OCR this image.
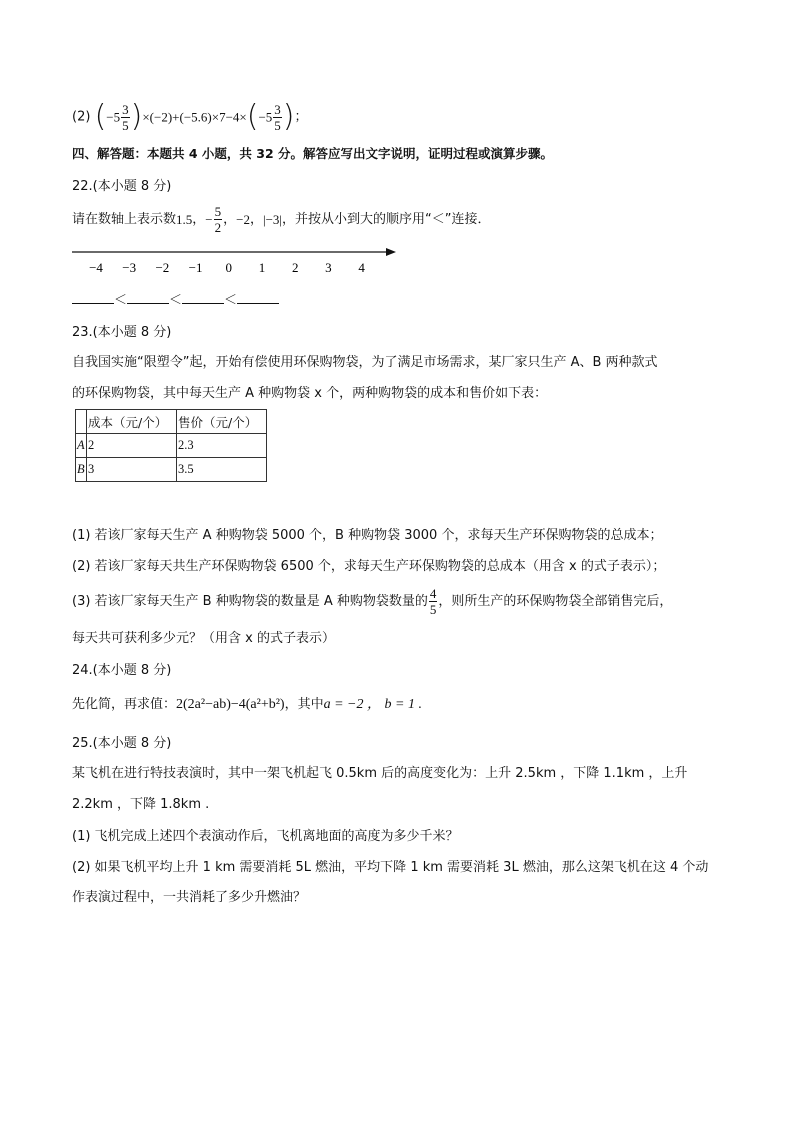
(2) $(-5 \frac{3}{5} )\times(-2)+(-5.6)\times 7-4\times(-5 \frac{3}{5}$ )；
四、解答题：本题共 4 小题，共 32 分。解答应写出文字说明，证明过程或演算步骤。
22.(本小题 8 分)
请在数轴上表示数1.5，− $\frac{5}{2}$ ，−2，|−3|，并按从小到大的顺序用“＜”连接．
−4 −3 −2 −1 0 1 2 3 4
＜	＜	＜
23.(本小题 8 分)
自我国实施“限塑令”起，开始有偿使用环保购物袋，为了满足市场需求，某厂家只生产 A、B 两种款式
的环保购物袋，其中每天生产 A 种购物袋 x 个，两种购物袋的成本和售价如下表：
	成本（元/个）	售价（元/个）
A	2	2.3
B	3	3.5
(1) 若该厂家每天生产 A 种购物袋 5000 个，B 种购物袋 3000 个，求每天生产环保购物袋的总成本；
(2) 若该厂家每天共生产环保购物袋 6500 个，求每天生产环保购物袋的总成本（用含 x 的式子表示）；
(3) 若该厂家每天生产 B 种购物袋的数量是 A 种购物袋数量的 $\frac{4}{5}$ ，则所生产的环保购物袋全部销售完后，
每天共可获利多少元？（用含 x 的式子表示）
24.(本小题 8 分)
先化简，再求值：2(2a²−ab)−4(a²+b²)，其中a = −2 ， b = 1 .
25.(本小题 8 分)
某飞机在进行特技表演时，其中一架飞机起飞 0.5km 后的高度变化为：上升 2.5km ，下降 1.1km ，上升
2.2km ，下降 1.8km .
(1) 飞机完成上述四个表演动作后，飞机离地面的高度为多少千米？
(2) 如果飞机平均上升 1 km 需要消耗 5L 燃油，平均下降 1 km 需要消耗 3L 燃油，那么这架飞机在这 4 个动
作表演过程中，一共消耗了多少升燃油？
